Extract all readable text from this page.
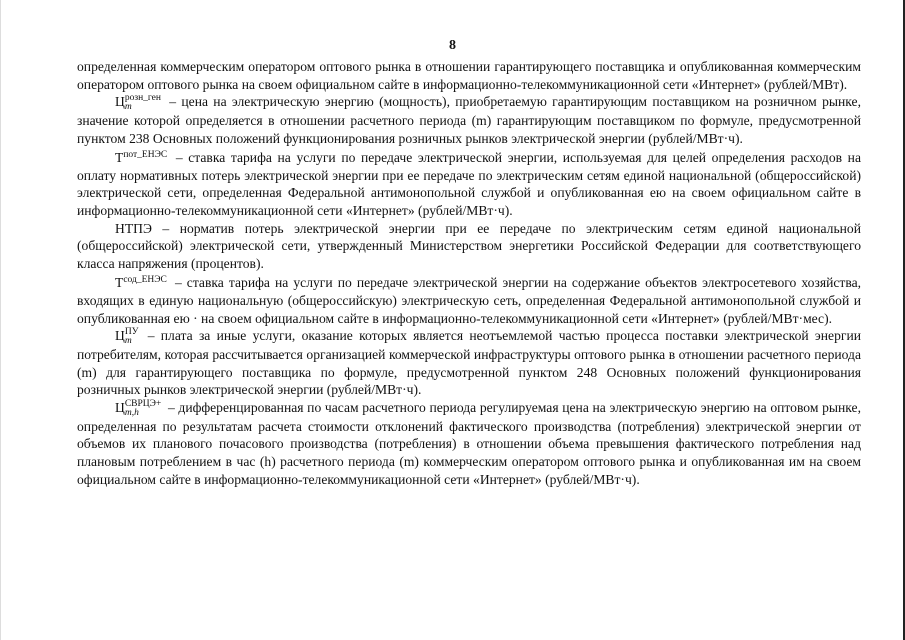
8

определенная коммерческим оператором оптового рынка в отношении гарантирующего поставщика и опубликованная коммерческим оператором оптового рынка на своем официальном сайте в информационно-телекоммуникационной сети «Интернет» (рублей/МВт).

Ц розн_ген
m	– цена на электрическую энергию (мощность), приобретаемую гарантирующим поставщиком на розничном рынке, значение которой определяется в отношении расчетного периода (m) гарантирующим поставщиком по формуле, предусмотренной пунктом 238 Основных положений функционирования розничных рынков электрической энергии (рублей/МВт·ч).

$Т^{пот\_ЕНЭС}$ – ставка тарифа на услуги по передаче электрической энергии, используемая для целей определения расходов на оплату нормативных потерь электрической энергии при ее передаче по электрическим сетям единой национальной (общероссийской) электрической сети, определенная Федеральной антимонопольной службой и опубликованная ею на своем официальном сайте в информационно-телекоммуникационной сети «Интернет» (рублей/МВт·ч).

НТПЭ – норматив потерь электрической энергии при ее передаче по электрическим сетям единой национальной (общероссийской) электрической сети, утвержденный Министерством энергетики Российской Федерации для соответствующего класса напряжения (процентов).

$Т^{сод\_ЕНЭС}$ – ставка тарифа на услуги по передаче электрической энергии на содержание объектов электросетевого хозяйства, входящих в единую национальную (общероссийскую) электрическую сеть, определенная Федеральной антимонопольной службой и опубликованная ею · на своем официальном сайте в информационно-телекоммуникационной сети «Интернет» (рублей/МВт·мес).

Ц ПУ
m – плата за иные услуги, оказание которых является неотъемлемой частью процесса поставки электрической энергии потребителям, которая рассчитывается организацией коммерческой инфраструктуры оптового рынка в отношении расчетного периода (m) для гарантирующего поставщика по формуле, предусмотренной пунктом 248 Основных положений функционирования розничных рынков электрической энергии (рублей/МВт·ч).

Ц СВРЦЭ+
m,h	– дифференцированная по часам расчетного периода регулируемая цена на электрическую энергию на оптовом рынке, определенная по результатам расчета стоимости отклонений фактического производства (потребления) электрической энергии от объемов их планового почасового производства (потребления) в отношении объема превышения фактического потребления над плановым потреблением в час (h) расчетного периода (m) коммерческим оператором оптового рынка и опубликованная им на своем официальном сайте в информационно-телекоммуникационной сети «Интернет» (рублей/МВт·ч).
